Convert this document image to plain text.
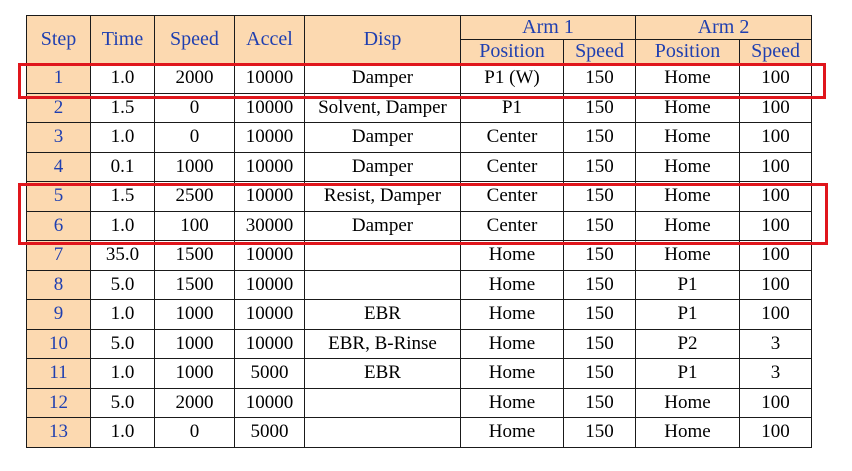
Step	Time	Speed	Accel	Disp	Arm 1		Arm 2	
					Position	Speed	Position	Speed
1	1.0	2000	10000	Damper	P1 (W)	150	Home	100
2	1.5	0	10000	Solvent, Damper	P1	150	Home	100
3	1.0	0	10000	Damper	Center	150	Home	100
4	0.1	1000	10000	Damper	Center	150	Home	100
5	1.5	2500	10000	Resist, Damper	Center	150	Home	100
6	1.0	100	30000	Damper	Center	150	Home	100
7	35.0	1500	10000		Home	150	Home	100
8	5.0	1500	10000		Home	150	P1	100
9	1.0	1000	10000	EBR	Home	150	P1	100
10	5.0	1000	10000	EBR, B-Rinse	Home	150	P2	3
11	1.0	1000	5000	EBR	Home	150	P1	3
12	5.0	2000	10000		Home	150	Home	100
13	1.0	0	5000		Home	150	Home	100
